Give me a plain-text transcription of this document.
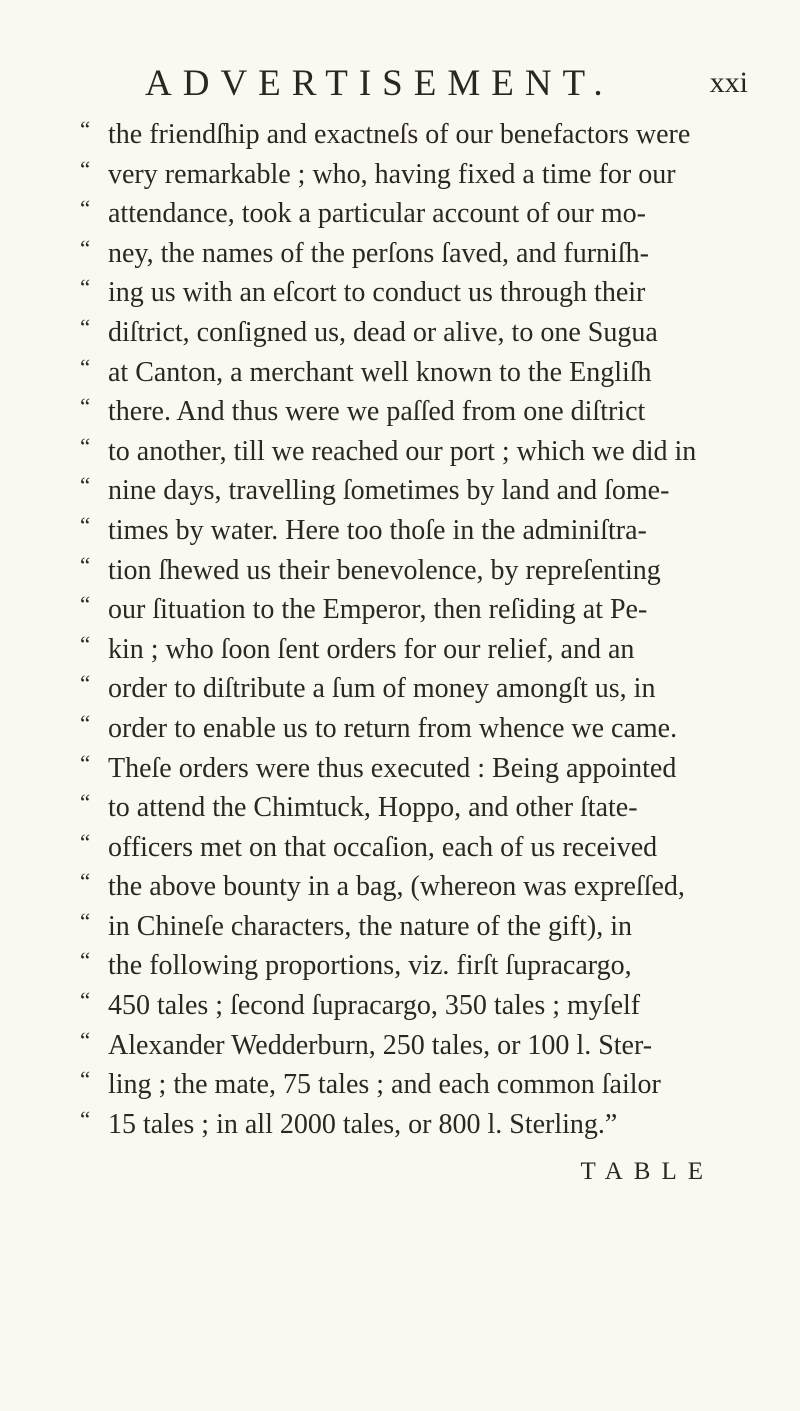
ADVERTISEMENT.	xxi
“ the friendſhip and exactneſs of our benefactors were
“ very remarkable ; who, having fixed a time for our
“ attendance, took a particular account of our mo-
“ ney, the names of the perſons ſaved, and furniſh-
“ ing us with an eſcort to conduct us through their
“ diſtrict, conſigned us, dead or alive, to one Sugua
“ at Canton, a merchant well known to the Engliſh
“ there. And thus were we paſſed from one diſtrict
“ to another, till we reached our port ; which we did in
“ nine days, travelling ſometimes by land and ſome-
“ times by water. Here too thoſe in the adminiſtra-
“ tion ſhewed us their benevolence, by repreſenting
“ our ſituation to the Emperor, then reſiding at Pe-
“ kin ; who ſoon ſent orders for our relief, and an
“ order to diſtribute a ſum of money amongſt us, in
“ order to enable us to return from whence we came.
“ Theſe orders were thus executed : Being appointed
“ to attend the Chimtuck, Hoppo, and other ſtate-
“ officers met on that occaſion, each of us received
“ the above bounty in a bag, (whereon was expreſſed,
“ in Chineſe characters, the nature of the gift), in
“ the following proportions, viz. firſt ſupracargo,
“ 450 tales ; ſecond ſupracargo, 350 tales ; myſelf
“ Alexander Wedderburn, 250 tales, or 100 l. Ster-
“ ling ; the mate, 75 tales ; and each common ſailor
“ 15 tales ; in all 2000 tales, or 800 l. Sterling.”
TABLE
